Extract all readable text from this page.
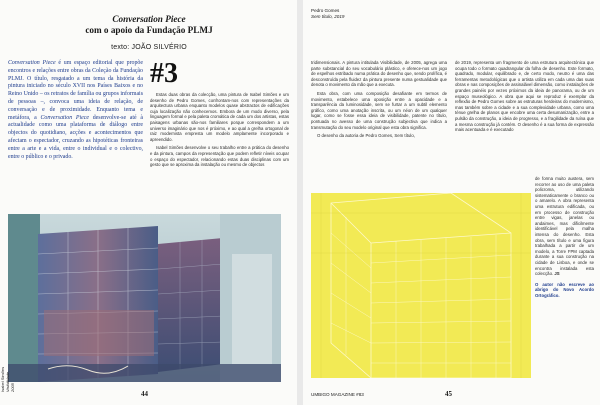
Conversation Piece
com o apoio da Fundação PLMJ
texto: JOÃO SILVÉRIO

Conversation Piece é um espaço editorial que propõe encontros e relações entre obras da Coleção da Fundação PLMJ. O título, resgatado a um tema da história da pintura iniciado no século XVII nos Países Baixos e no Reino Unido – os retratos de família ou grupos informais de pessoas –, convoca uma ideia de relação, de conversação e de proximidade. Enquanto tema e metáfora, a Conversation Piece desenvolve-se até à actualidade como uma plataforma de diálogo entre objectos do quotidiano, acções e acontecimentos que afectam o espectador, cruzando as hipotéticas fronteiras entre a arte e a vida, entre o individual e o colectivo, entre o público e o privado.

#3

Estas duas obras da colecção, uma pintura de Isabel Simões e um desenho de Pedro Gomes, confrontam-nos com representações da arquitectura urbana enquanto modelos quase abstractos de edificações cuja localização não conhecemos. Embora de um modo diverso, pela linguagem formal e pela paleta cromática de cada um dos artistas, estas paisagens urbanas são-nos familiares porque correspondem a um universo imaginário que nos é próximo, e ao qual a grelha ortogonal de raiz modernista empresta um modelo amplamente incorporado e apreendido.

Isabel Simões desenvolve o seu trabalho entre a prática do desenho e da pintura, campos da representação que podem refletir níveis ocupar o espaço do espectador, relacionando estas duas disciplinas com um gesto que se aproxima da instalação ou mesmo de objectos

Isabel Simões Visibilidade, 2005
44
Pedro Gomes
Sem título, 2019

tridimensionais. A pintura intitulada Visibilidade, de 2005, agrega uma parte substancial do seu vocabulário plástico, e oferece-nos um jogo de espelhos estribado numa prática do desenho que, sendo prolífica, é desconstruída pela fluidez da pintura presente numa gestualidade que denota o movimento da mão que a executa.

Esta obra, com uma composição desafiante em termos de movimento, estabelece uma oposição entre a opacidade e a transparência da luminosidade, sem se furtar a um subtil elemento gráfico, como uma anotação inscrita, ou um néon de um qualquer lugar, como se fosse essa ideia de visibilidade, patente no título, pontuada no avesso de uma construção subjectiva que indica a transmutação do seu modelo original que esta obra significa.

O desenho da autoria de Pedro Gomes, Sem título,

de 2019, representa um fragmento de uma estrutura arquitectónica que ocupa todo o formato quadrangular da folha de desenho. Este formato, quadrado, modular, equilibrado e, de certo modo, neutro é uma das ferramentas metodológicas que o artista utiliza em cada uma das suas obras e nas composições de assinalável dimensão, como instalações de grandes painéis por vezes próximos da ideia de panorama, ou de um espaço museológico. A obra que aqui se reproduz é exemplar da reflexão de Pedro Gomes sobre as estruturas herdeiras do modernismo, mas também sobre a cidade e a sua complexidade urbana, como uma ténue grelha de planos que encobre uma certa desumanização, entre a pulsão da construção, a ideia de progresso, e a fragilidade da ruína que a mesma construção já contém. O desenho é a sua forma de expressão mais acentuada e é executado

de forma muito austera, sem recorrer ao uso de uma paleta policroma, utilizando sistematicamente o branco ou o amarelo. A obra representa uma estrutura edificada, ou em processo de construção entre vigas, janelas ou andaimes, mas dificilmente identificável pela malha intensa do desenho. Esta obra, sem título e uma figura trabalhada a partir de um modelo, a Torre FPM captada durante a sua construção na cidade de Lisboa, e onde se encontra instalada esta colecção. JS

O autor não escreve ao abrigo do Novo Acordo Ortográfico.

UMBIGO MAGAZINE #83	45
